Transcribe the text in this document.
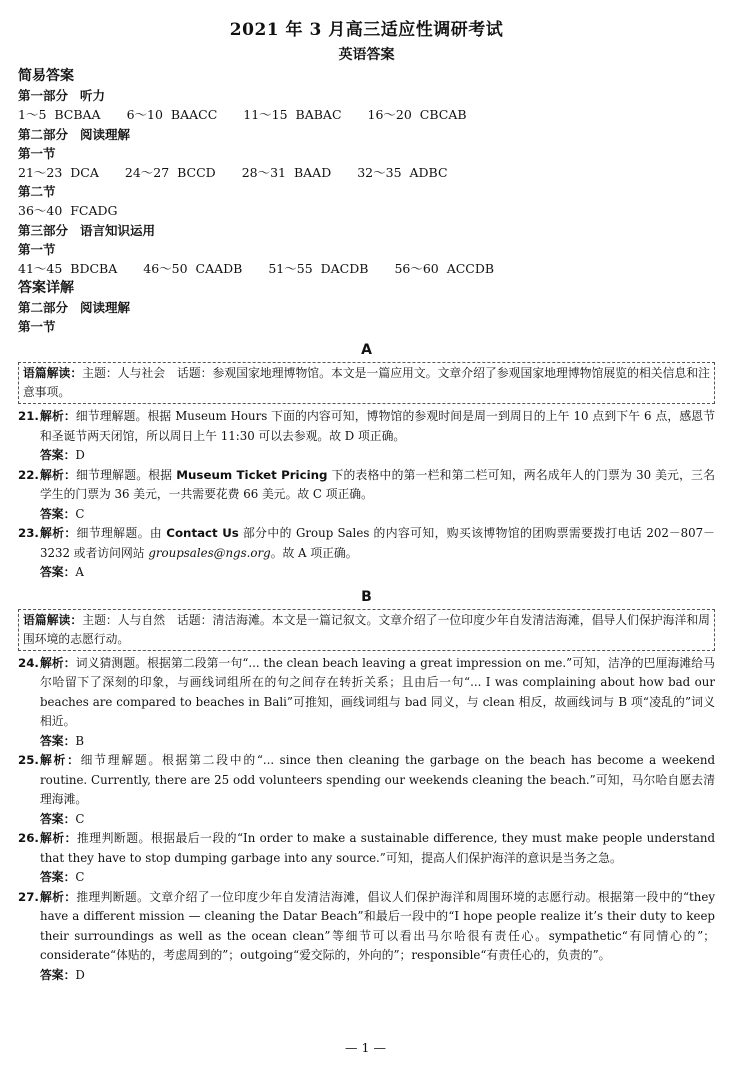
2021 年 3 月高三适应性调研考试
英语答案
简易答案
第一部分 听力
1～5  BCBAA 6～10  BAACC 11～15  BABAC 16～20  CBCAB
第二部分 阅读理解
第一节
21～23  DCA 24～27  BCCD 28～31  BAAD 32～35  ADBC
第二节
36～40  FCADG
第三部分 语言知识运用
第一节
41～45  BDCBA 46～50  CAADB 51～55  DACDB 56～60  ACCDB
答案详解
第二部分 阅读理解
第一节
A
语篇解读：主题：人与社会　话题：参观国家地理博物馆。本文是一篇应用文。文章介绍了参观国家地理博物馆展览的相关信息和注意事项。
21. 解析：细节理解题。根据 Museum Hours 下面的内容可知，博物馆的参观时间是周一到周日的上午 10 点到下午 6 点，感恩节和圣诞节两天闭馆，所以周日上午 11:30 可以去参观。故 D 项正确。
答案：D
22. 解析：细节理解题。根据 Museum Ticket Pricing 下的表格中的第一栏和第二栏可知，两名成年人的门票为 30 美元，三名学生的门票为 36 美元，一共需要花费 66 美元。故 C 项正确。
答案：C
23. 解析：细节理解题。由 Contact Us 部分中的 Group Sales 的内容可知，购买该博物馆的团购票需要拨打电话 202－807－3232 或者访问网站 groupsales@ngs.org。故 A 项正确。
答案：A
B
语篇解读：主题：人与自然　话题：清洁海滩。本文是一篇记叙文。文章介绍了一位印度少年自发清洁海滩，倡导人们保护海洋和周围环境的志愿行动。
24. 解析：词义猜测题。根据第二段第一句“... the clean beach leaving a great impression on me.”可知，洁净的巴厘海滩给马尔哈留下了深刻的印象，与画线词组所在的句之间存在转折关系；且由后一句“... I was complaining about how bad our beaches are compared to beaches in Bali”可推知，画线词组与 bad 同义，与 clean 相反，故画线词与 B 项“凌乱的”词义相近。
答案：B
25. 解析：细节理解题。根据第二段中的“... since then cleaning the garbage on the beach has become a weekend routine. Currently, there are 25 odd volunteers spending our weekends cleaning the beach.”可知，马尔哈自愿去清理海滩。
答案：C
26. 解析：推理判断题。根据最后一段的“In order to make a sustainable difference, they must make people understand that they have to stop dumping garbage into any source.”可知，提高人们保护海洋的意识是当务之急。
答案：C
27. 解析：推理判断题。文章介绍了一位印度少年自发清洁海滩，倡议人们保护海洋和周围环境的志愿行动。根据第一段中的“they have a different mission — cleaning the Datar Beach”和最后一段中的“I hope people realize it’s their duty to keep their surroundings as well as the ocean clean”等细节可以看出马尔哈很有责任心。sympathetic“有同情心的”；considerate“体贴的，考虑周到的”；outgoing“爱交际的，外向的”；responsible“有责任心的，负责的”。
答案：D
— 1 —
